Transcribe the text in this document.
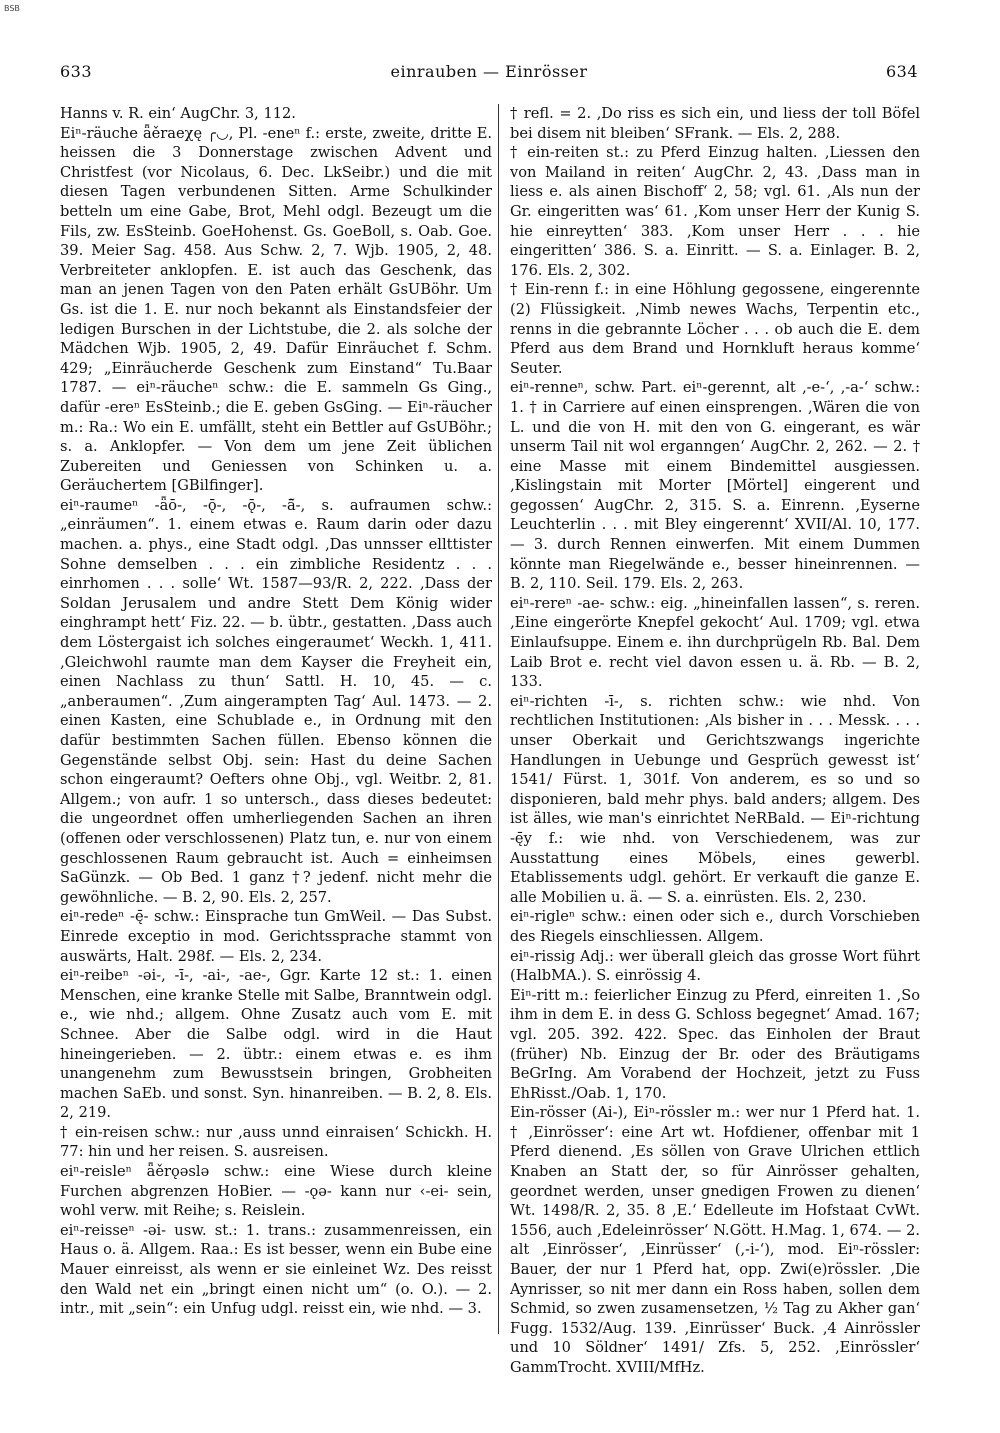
BSB
einrauben — Einrösser
633	634

Hanns v. R. ein‘ AugChr. 3, 112.

Eiⁿ-räuche ǟěraeχę ╭◡, Pl. -eneⁿ f.: erste, zweite, dritte E. heissen die 3 Donnerstage zwischen Advent und Christfest (vor Nicolaus, 6. Dec. LkSeibr.) und die mit diesen Tagen verbundenen Sitten. Arme Schulkinder betteln um eine Gabe, Brot, Mehl odgl. Bezeugt um die Fils, zw. EsSteinb. GoeHohenst. Gs. GoeBoll, s. Oab. Goe. 39. Meier Sag. 458. Aus Schw. 2, 7. Wjb. 1905, 2, 48. Verbreiteter anklopfen. E. ist auch das Geschenk, das man an jenen Tagen von den Paten erhält GsUBöhr. Um Gs. ist die 1. E. nur noch bekannt als Einstandsfeier der ledigen Burschen in der Lichtstube, die 2. als solche der Mädchen Wjb. 1905, 2, 49. Dafür Einräuchet f. Schm. 429; „Einräucherde Geschenk zum Einstand“ Tu.Baar 1787. — eiⁿ-räucheⁿ schw.: die E. sammeln Gs Ging., dafür -ereⁿ EsSteinb.; die E. geben GsGing. — Eiⁿ-räucher m.: Ra.: Wo ein E. umfällt, steht ein Bettler auf GsUBöhr.; s. a. Anklopfer. — Von dem um jene Zeit üblichen Zubereiten und Geniessen von Schinken u. a. Geräuchertem [GBilfinger].

eiⁿ-raumeⁿ -ǟō-, -ǭ-, -ǭ-, -ā̃-, s. aufraumen schw.: „einräumen“. 1. einem etwas e. Raum darin oder dazu machen. a. phys., eine Stadt odgl. ‚Das unnsser ellttister Sohne demselben . . . ein zimbliche Residentz . . . einrhomen . . . solle‘ Wt. 1587—93/R. 2, 222. ‚Dass der Soldan Jerusalem und andre Stett Dem König wider einghrampt hett‘ Fiz. 22. — b. übtr., gestatten. ‚Dass auch dem Löstergaist ich solches eingeraumet‘ Weckh. 1, 411. ‚Gleichwohl raumte man dem Kayser die Freyheit ein, einen Nachlass zu thun‘ Sattl. H. 10, 45. — c. „anberaumen“. ‚Zum aingerampten Tag‘ Aul. 1473. — 2. einen Kasten, eine Schublade e., in Ordnung mit den dafür bestimmten Sachen füllen. Ebenso können die Gegenstände selbst Obj. sein: Hast du deine Sachen schon eingeraumt? Oefters ohne Obj., vgl. Weitbr. 2, 81. Allgem.; von aufr. 1 so untersch., dass dieses bedeutet: die ungeordnet offen umherliegenden Sachen an ihren (offenen oder verschlossenen) Platz tun, e. nur von einem geschlossenen Raum gebraucht ist. Auch = einheimsen SaGünzk. — Ob Bed. 1 ganz †? jedenf. nicht mehr die gewöhnliche. — B. 2, 90. Els. 2, 257.

eiⁿ-redeⁿ -ę̄- schw.: Einsprache tun GmWeil. — Das Subst. Einrede exceptio in mod. Gerichtssprache stammt von auswärts, Halt. 298f. — Els. 2, 234.

eiⁿ-reibeⁿ -əi-, -ī-, -ai-, -ae-, Ggr. Karte 12 st.: 1. einen Menschen, eine kranke Stelle mit Salbe, Branntwein odgl. e., wie nhd.; allgem. Ohne Zusatz auch vom E. mit Schnee. Aber die Salbe odgl. wird in die Haut hineingerieben. — 2. übtr.: einem etwas e. es ihm unangenehm zum Bewusstsein bringen, Grobheiten machen SaEb. und sonst. Syn. hinanreiben. — B. 2, 8. Els. 2, 219.

† ein-reisen schw.: nur ‚auss unnd einraisen‘ Schickh. H. 77: hin und her reisen. S. ausreisen.

eiⁿ-reisleⁿ ǟěrǫəslə schw.: eine Wiese durch kleine Furchen abgrenzen HoBier. — -ǫə- kann nur ‹-ei- sein, wohl verw. mit Reihe; s. Reislein.

eiⁿ-reisseⁿ -əi- usw. st.: 1. trans.: zusammenreissen, ein Haus o. ä. Allgem. Raa.: Es ist besser, wenn ein Bube eine Mauer einreisst, als wenn er sie einleinet Wz. Des reisst den Wald net ein „bringt einen nicht um“ (o. O.). — 2. intr., mit „sein“: ein Unfug udgl. reisst ein, wie nhd. — 3.

† refl. = 2. ‚Do riss es sich ein, und liess der toll Böfel bei disem nit bleiben‘ SFrank. — Els. 2, 288.

† ein-reiten st.: zu Pferd Einzug halten. ‚Liessen den von Mailand in reiten‘ AugChr. 2, 43. ‚Dass man in liess e. als ainen Bischoff‘ 2, 58; vgl. 61. ‚Als nun der Gr. eingeritten was‘ 61. ‚Kom unser Herr der Kunig S. hie einreytten‘ 383. ‚Kom unser Herr . . . hie eingeritten‘ 386. S. a. Einritt. — S. a. Einlager. B. 2, 176. Els. 2, 302.

† Ein-renn f.: in eine Höhlung gegossene, eingerennte (2) Flüssigkeit. ‚Nimb newes Wachs, Terpentin etc., renns in die gebrannte Löcher . . . ob auch die E. dem Pferd aus dem Brand und Hornkluft heraus komme‘ Seuter.

eiⁿ-renneⁿ, schw. Part. eiⁿ-gerennt, alt ‚-e-‘, ‚-a-‘ schw.: 1. † in Carriere auf einen einsprengen. ‚Wären die von L. und die von H. mit den von G. eingerant, es wär unserm Tail nit wol erganngen‘ AugChr. 2, 262. — 2. † eine Masse mit einem Bindemittel ausgiessen. ‚Kislingstain mit Morter [Mörtel] eingerent und gegossen‘ AugChr. 2, 315. S. a. Einrenn. ‚Eyserne Leuchterlin . . . mit Bley eingerennt‘ XVII/Al. 10, 177. — 3. durch Rennen einwerfen. Mit einem Dummen könnte man Riegelwände e., besser hineinrennen. — B. 2, 110. Seil. 179. Els. 2, 263.

eiⁿ-rereⁿ -ae- schw.: eig. „hineinfallen lassen“, s. reren. ‚Eine eingerörte Knepfel gekocht‘ Aul. 1709; vgl. etwa Einlaufsuppe. Einem e. ihn durchprügeln Rb. Bal. Dem Laib Brot e. recht viel davon essen u. ä. Rb. — B. 2, 133.

eiⁿ-richten -ī-, s. richten schw.: wie nhd. Von rechtlichen Institutionen: ‚Als bisher in . . . Messk. . . . unser Oberkait und Gerichtszwangs ingerichte Handlungen in Uebunge und Gesprüch gewesst ist‘ 1541/ Fürst. 1, 301f. Von anderem, es so und so disponieren, bald mehr phys. bald anders; allgem. Des ist älles, wie man's einrichtet NeRBald. — Eiⁿ-richtung -ę̄y f.: wie nhd. von Verschiedenem, was zur Ausstattung eines Möbels, eines gewerbl. Etablissements udgl. gehört. Er verkauft die ganze E. alle Mobilien u. ä. — S. a. einrüsten. Els. 2, 230.

eiⁿ-rigleⁿ schw.: einen oder sich e., durch Vorschieben des Riegels einschliessen. Allgem.

eiⁿ-rissig Adj.: wer überall gleich das grosse Wort führt (HalbMA.). S. einrössig 4.

Eiⁿ-ritt m.: feierlicher Einzug zu Pferd, einreiten 1. ‚So ihm in dem E. in dess G. Schloss begegnet‘ Amad. 167; vgl. 205. 392. 422. Spec. das Einholen der Braut (früher) Nb. Einzug der Br. oder des Bräutigams BeGrIng. Am Vorabend der Hochzeit, jetzt zu Fuss EhRisst./Oab. 1, 170.

Ein-rösser (Ai-), Eiⁿ-rössler m.: wer nur 1 Pferd hat. 1. † ‚Einrösser‘: eine Art wt. Hofdiener, offenbar mit 1 Pferd dienend. ‚Es söllen von Grave Ulrichen ettlich Knaben an Statt der, so für Ainrösser gehalten, geordnet werden, unser gnedigen Frowen zu dienen‘ Wt. 1498/R. 2, 35. 8 ‚E.‘ Edelleute im Hofstaat CvWt. 1556, auch ‚Edeleinrösser‘ N.Gött. H.Mag. 1, 674. — 2. alt ‚Einrösser‘, ‚Einrüsser‘ (‚-i-‘), mod. Eiⁿ-rössler: Bauer, der nur 1 Pferd hat, opp. Zwi(e)rössler. ‚Die Aynrisser, so nit mer dann ein Ross haben, sollen dem Schmid, so zwen zusamensetzen, ½ Tag zu Akher gan‘ Fugg. 1532/Aug. 139. ‚Einrüsser‘ Buck. ‚4 Ainrössler und 10 Söldner‘ 1491/ Zfs. 5, 252. ‚Einrössler‘ GammTrocht. XVIII/MfHz.
